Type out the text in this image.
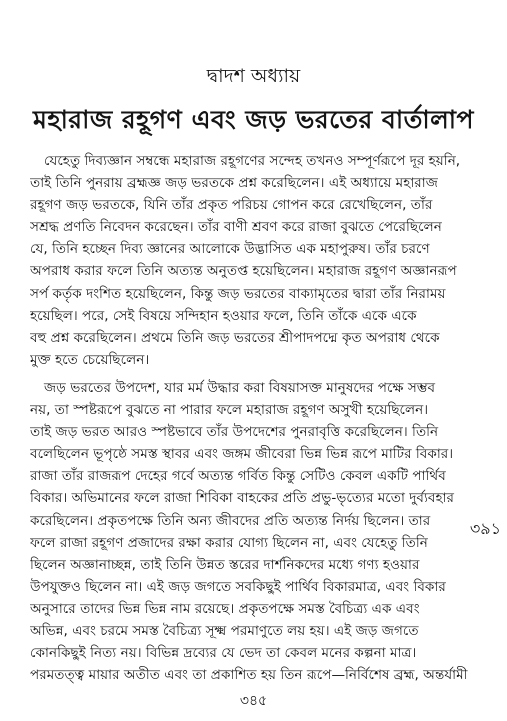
দ্বাদশ অধ্যায়
মহারাজ রহূগণ এবং জড় ভরতের বার্তালাপ
যেহেতু দিব্যজ্ঞান সম্বন্ধে মহারাজ রহূগণের সন্দেহ তখনও সম্পূর্ণরূপে দূর হয়নি,
তাই তিনি পুনরায় ব্রহ্মজ্ঞ জড় ভরতকে প্রশ্ন করেছিলেন। এই অধ্যায়ে মহারাজ
রহূগণ জড় ভরতকে, যিনি তাঁর প্রকৃত পরিচয় গোপন করে রেখেছিলেন, তাঁর
সশ্রদ্ধ প্রণতি নিবেদন করেছেন। তাঁর বাণী শ্রবণ করে রাজা বুঝতে পেরেছিলেন
যে, তিনি হচ্ছেন দিব্য জ্ঞানের আলোকে উদ্ভাসিত এক মহাপুরুষ। তাঁর চরণে
অপরাধ করার ফলে তিনি অত্যন্ত অনুতপ্ত হয়েছিলেন। মহারাজ রহূগণ অজ্ঞানরূপ
সর্প কর্তৃক দংশিত হয়েছিলেন, কিন্তু জড় ভরতের বাক্যামৃতের দ্বারা তাঁর নিরাময়
হয়েছিল। পরে, সেই বিষয়ে সন্দিহান হওয়ার ফলে, তিনি তাঁকে একে একে
বহু প্রশ্ন করেছিলেন। প্রথমে তিনি জড় ভরতের শ্রীপাদপদ্মে কৃত অপরাধ থেকে
মুক্ত হতে চেয়েছিলেন।
জড় ভরতের উপদেশ, যার মর্ম উদ্ধার করা বিষয়াসক্ত মানুষদের পক্ষে সম্ভব
নয়, তা স্পষ্টরূপে বুঝতে না পারার ফলে মহারাজ রহূগণ অসুখী হয়েছিলেন।
তাই জড় ভরত আরও স্পষ্টভাবে তাঁর উপদেশের পুনরাবৃত্তি করেছিলেন। তিনি
বলেছিলেন ভূপৃষ্ঠে সমস্ত স্থাবর এবং জঙ্গম জীবেরা ভিন্ন ভিন্ন রূপে মাটির বিকার।
রাজা তাঁর রাজরূপ দেহের গর্বে অত্যন্ত গর্বিত কিন্তু সেটিও কেবল একটি পার্থিব
বিকার। অভিমানের ফলে রাজা শিবিকা বাহকের প্রতি প্রভু-ভৃত্যের মতো দুর্ব্যবহার
করেছিলেন। প্রকৃতপক্ষে তিনি অন্য জীবদের প্রতি অত্যন্ত নির্দয় ছিলেন। তার
ফলে রাজা রহূগণ প্রজাদের রক্ষা করার যোগ্য ছিলেন না, এবং যেহেতু তিনি
ছিলেন অজ্ঞানাচ্ছন্ন, তাই তিনি উন্নত স্তরের দার্শনিকদের মধ্যে গণ্য হওয়ার
উপযুক্তও ছিলেন না। এই জড় জগতে সবকিছুই পার্থিব বিকারমাত্র, এবং বিকার
অনুসারে তাদের ভিন্ন ভিন্ন নাম রয়েছে। প্রকৃতপক্ষে সমস্ত বৈচিত্র্য এক এবং
অভিন্ন, এবং চরমে সমস্ত বৈচিত্র্য সূক্ষ্ম পরমাণুতে লয় হয়। এই জড় জগতে
কোনকিছুই নিত্য নয়। বিভিন্ন দ্রব্যের যে ভেদ তা কেবল মনের কল্পনা মাত্র।
পরমতত্ত্ব মায়ার অতীত এবং তা প্রকাশিত হয় তিন রূপে—নির্বিশেষ ব্রহ্ম, অন্তর্যামী
৩৯১
৩৪৫
